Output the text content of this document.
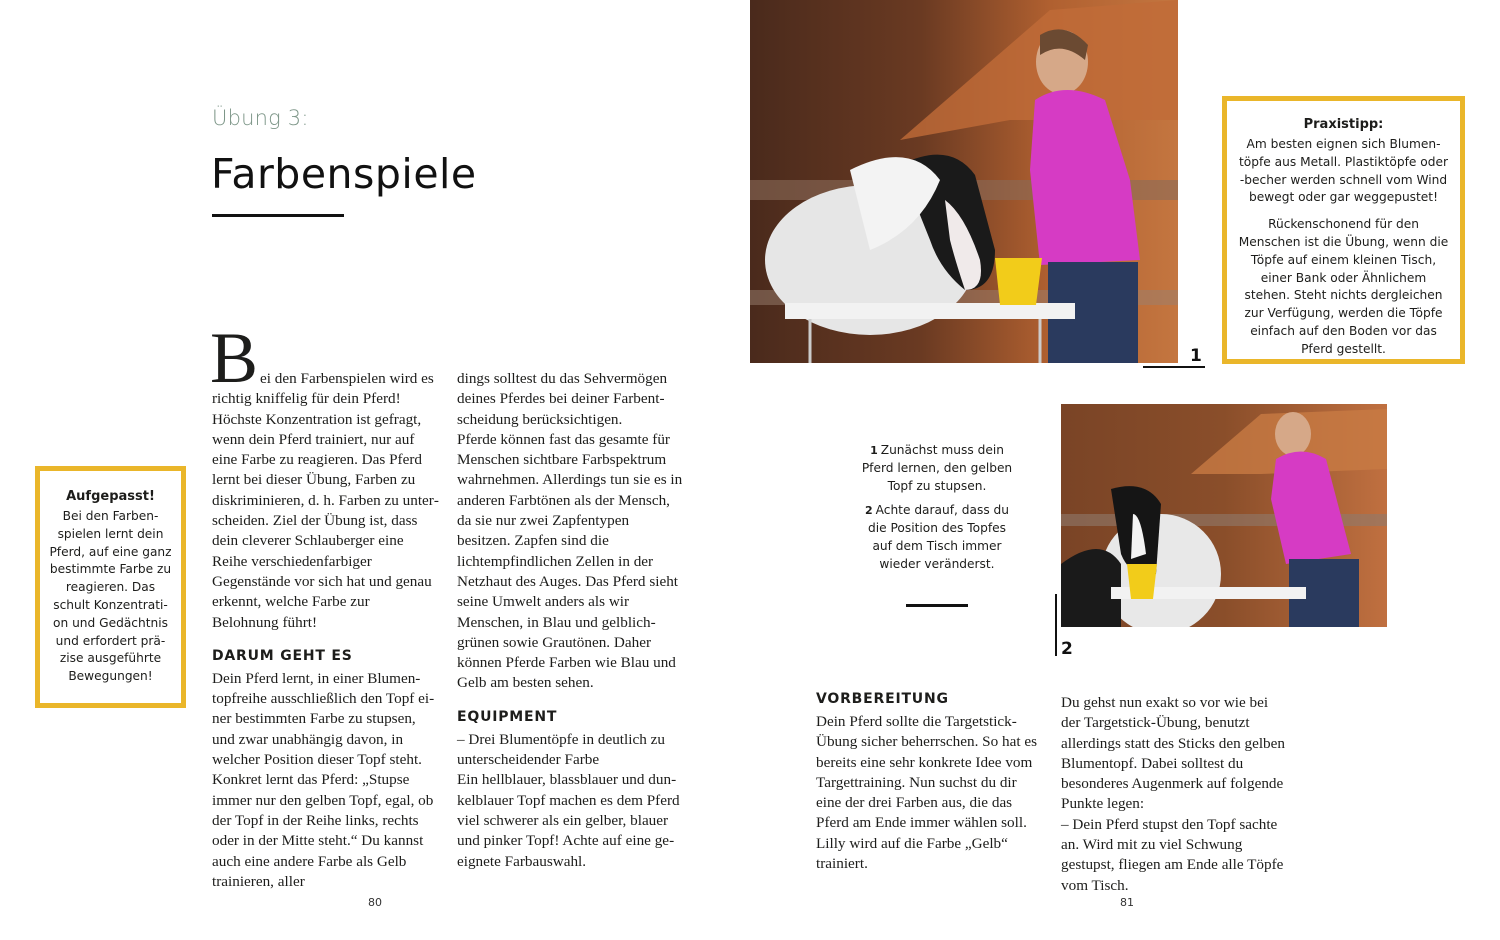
Übung 3:
Farbenspiele
Aufgepasst!

Bei den Farbenspielen lernt dein Pferd, auf eine ganz bestimmte Farbe zu reagieren. Das schult Konzentration und Gedächtnis und erfordert präzise ausgeführte Bewegungen!

B ei den Farbenspielen wird es richtig kniffelig für dein Pferd! Höchste Konzentration ist gefragt, wenn dein Pferd trainiert, nur auf eine Farbe zu reagieren. Das Pferd lernt bei dieser Übung, Farben zu diskriminieren, d. h. Farben zu unterscheiden. Ziel der Übung ist, dass dein cleverer Schlauberger eine Reihe verschiedenfarbiger Gegenstände vor sich hat und genau erkennt, welche Farbe zur Belohnung führt!

DARUM GEHT ES

Dein Pferd lernt, in einer Blumentopfreihe ausschließlich den Topf einer bestimmten Farbe zu stupsen, und zwar unabhängig davon, in welcher Position dieser Topf steht. Konkret lernt das Pferd: „Stupse immer nur den gelben Topf, egal, ob der Topf in der Reihe links, rechts oder in der Mitte steht.“ Du kannst auch eine andere Farbe als Gelb trainieren, aller

dings solltest du das Sehvermögen deines Pferdes bei deiner Farbentscheidung berücksichtigen.

Pferde können fast das gesamte für Menschen sichtbare Farbspektrum wahrnehmen. Allerdings tun sie es in anderen Farbtönen als der Mensch, da sie nur zwei Zapfentypen besitzen. Zapfen sind die lichtempfindlichen Zellen in der Netzhaut des Auges. Das Pferd sieht seine Umwelt anders als wir Menschen, in Blau und gelblich-grünen sowie Grautönen. Daher können Pferde Farben wie Blau und Gelb am besten sehen.

EQUIPMENT

– Drei Blumentöpfe in deutlich zu unterscheidender Farbe

Ein hellblauer, blassblauer und dunkelblauer Topf machen es dem Pferd viel schwerer als ein gelber, blauer und pinker Topf! Achte auf eine geeignete Farbauswahl.

80
1
Praxistipp:

Am besten eignen sich Blumentöpfe aus Metall. Plastiktöpfe oder -becher werden schnell vom Wind bewegt oder gar weggepustet!

Rückenschonend für den Menschen ist die Übung, wenn die Töpfe auf einem kleinen Tisch, einer Bank oder Ähnlichem stehen. Steht nichts dergleichen zur Verfügung, werden die Töpfe einfach auf den Boden vor das Pferd gestellt.

1 Zunächst muss dein Pferd lernen, den gelben Topf zu stupsen.

2 Achte darauf, dass du die Position des Topfes auf dem Tisch immer wieder veränderst.

2
VORBEREITUNG

Dein Pferd sollte die Targetstick-Übung sicher beherrschen. So hat es bereits eine sehr konkrete Idee vom Targettraining. Nun suchst du dir eine der drei Farben aus, die das Pferd am Ende immer wählen soll. Lilly wird auf die Farbe „Gelb“ trainiert.

Du gehst nun exakt so vor wie bei der Targetstick-Übung, benutzt allerdings statt des Sticks den gelben Blumentopf. Dabei solltest du besonderes Augenmerk auf folgende Punkte legen:

– Dein Pferd stupst den Topf sachte an. Wird mit zu viel Schwung gestupst, fliegen am Ende alle Töpfe vom Tisch.

81
